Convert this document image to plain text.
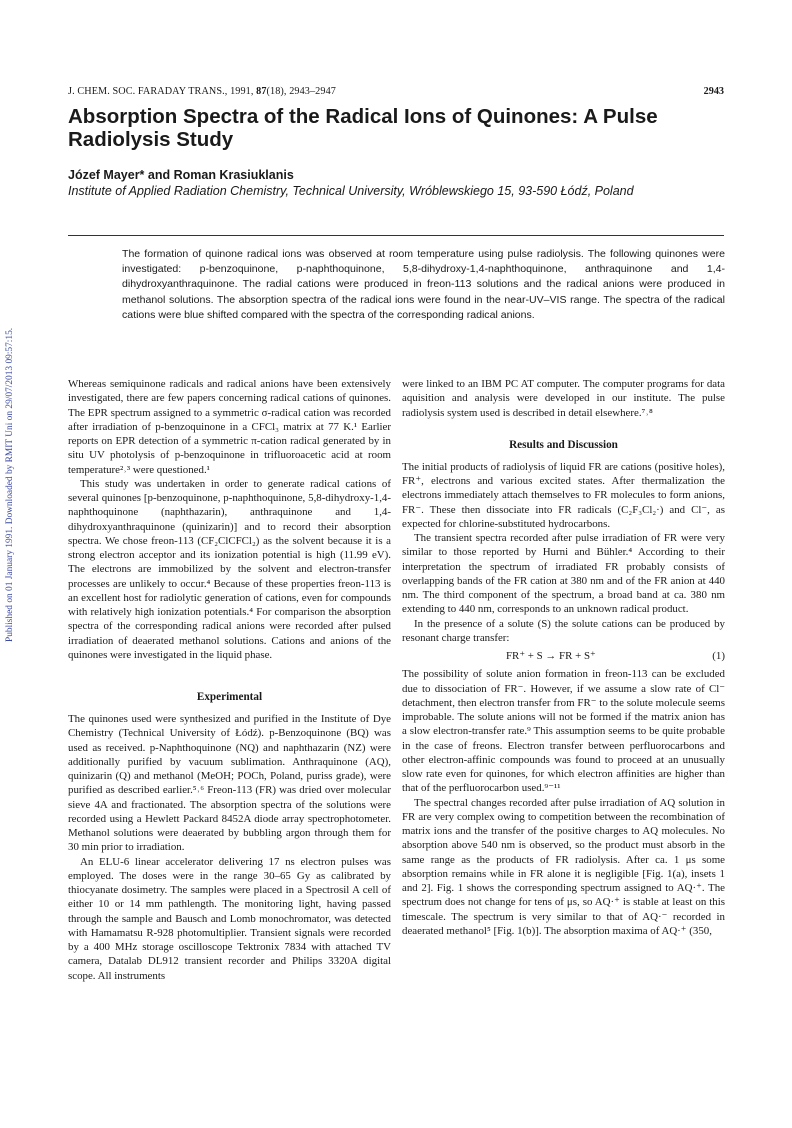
Published on 01 January 1991. Downloaded by RMIT Uni on 29/07/2013 09:57:15.
J. CHEM. SOC. FARADAY TRANS., 1991, 87(18), 2943–2947	2943
Absorption Spectra of the Radical Ions of Quinones: A Pulse Radiolysis Study
Józef Mayer* and Roman Krasiuklanis
Institute of Applied Radiation Chemistry, Technical University, Wróblewskiego 15, 93-590 Łódź, Poland

The formation of quinone radical ions was observed at room temperature using pulse radiolysis. The following quinones were investigated: p-benzoquinone, p-naphthoquinone, 5,8-dihydroxy-1,4-naphthoquinone, anthraquinone and 1,4-dihydroxyanthraquinone. The radial cations were produced in freon-113 solutions and the radical anions were produced in methanol solutions. The absorption spectra of the radical ions were found in the near-UV–VIS range. The spectra of the radical cations were blue shifted compared with the spectra of the corresponding radical anions.

Whereas semiquinone radicals and radical anions have been extensively investigated, there are few papers concerning radical cations of quinones. The EPR spectrum assigned to a symmetric σ-radical cation was recorded after irradiation of p-benzoquinone in a CFCl₃ matrix at 77 K.¹ Earlier reports on EPR detection of a symmetric π-cation radical generated by in situ UV photolysis of p-benzoquinone in trifluoroacetic acid at room temperature²˒³ were questioned.¹

This study was undertaken in order to generate radical cations of several quinones [p-benzoquinone, p-naphthoquinone, 5,8-dihydroxy-1,4-naphthoquinone (naphthazarin), anthraquinone and 1,4-dihydroxyanthraquinone (quinizarin)] and to record their absorption spectra. We chose freon-113 (CF₂ClCFCl₂) as the solvent because it is a strong electron acceptor and its ionization potential is high (11.99 eV). The electrons are immobilized by the solvent and electron-transfer processes are unlikely to occur.⁴ Because of these properties freon-113 is an excellent host for radiolytic generation of cations, even for compounds with relatively high ionization potentials.⁴ For comparison the absorption spectra of the corresponding radical anions were recorded after pulsed irradiation of deaerated methanol solutions. Cations and anions of the quinones were investigated in the liquid phase.

Experimental

The quinones used were synthesized and purified in the Institute of Dye Chemistry (Technical University of Łódź). p-Benzoquinone (BQ) was used as received. p-Naphthoquinone (NQ) and naphthazarin (NZ) were additionally purified by vacuum sublimation. Anthraquinone (AQ), quinizarin (Q) and methanol (MeOH; POCh, Poland, puriss grade), were purified as described earlier.⁵˒⁶ Freon-113 (FR) was dried over molecular sieve 4A and fractionated. The absorption spectra of the solutions were recorded using a Hewlett Packard 8452A diode array spectrophotometer. Methanol solutions were deaerated by bubbling argon through them for 30 min prior to irradiation.

An ELU-6 linear accelerator delivering 17 ns electron pulses was employed. The doses were in the range 30–65 Gy as calibrated by thiocyanate dosimetry. The samples were placed in a Spectrosil A cell of either 10 or 14 mm pathlength. The monitoring light, having passed through the sample and Bausch and Lomb monochromator, was detected with Hamamatsu R-928 photomultiplier. Transient signals were recorded by a 400 MHz storage oscilloscope Tektronix 7834 with attached TV camera, Datalab DL912 transient recorder and Philips 3320A digital scope. All instruments

were linked to an IBM PC AT computer. The computer programs for data aquisition and analysis were developed in our institute. The pulse radiolysis system used is described in detail elsewhere.⁷˒⁸

Results and Discussion

The initial products of radiolysis of liquid FR are cations (positive holes), FR⁺, electrons and various excited states. After thermalization the electrons immediately attach themselves to FR molecules to form anions, FR⁻. These then dissociate into FR radicals (C₂F₃Cl₂·) and Cl⁻, as expected for chlorine-substituted hydrocarbons.

The transient spectra recorded after pulse irradiation of FR were very similar to those reported by Hurni and Bühler.⁴ According to their interpretation the spectrum of irradiated FR probably consists of overlapping bands of the FR cation at 380 nm and of the FR anion at 440 nm. The third component of the spectrum, a broad band at ca. 380 nm extending to 440 nm, corresponds to an unknown radical product.

In the presence of a solute (S) the solute cations can be produced by resonant charge transfer:

FR⁺ + S → FR + S⁺	(1)

The possibility of solute anion formation in freon-113 can be excluded due to dissociation of FR⁻. However, if we assume a slow rate of Cl⁻ detachment, then electron transfer from FR⁻ to the solute molecule seems improbable. The solute anions will not be formed if the matrix anion has a slow electron-transfer rate.⁹ This assumption seems to be quite probable in the case of freons. Electron transfer between perfluorocarbons and other electron-affinic compounds was found to proceed at an unusually slow rate even for quinones, for which electron affinities are higher than that of the perfluorocarbon used.⁹⁻¹¹

The spectral changes recorded after pulse irradiation of AQ solution in FR are very complex owing to competition between the recombination of matrix ions and the transfer of the positive charges to AQ molecules. No absorption above 540 nm is observed, so the product must absorb in the same range as the products of FR radiolysis. After ca. 1 μs some absorption remains while in FR alone it is negligible [Fig. 1(a), insets 1 and 2]. Fig. 1 shows the corresponding spectrum assigned to AQ·⁺. The spectrum does not change for tens of μs, so AQ·⁺ is stable at least on this timescale. The spectrum is very similar to that of AQ·⁻ recorded in deaerated methanol⁵ [Fig. 1(b)]. The absorption maxima of AQ·⁺ (350,
